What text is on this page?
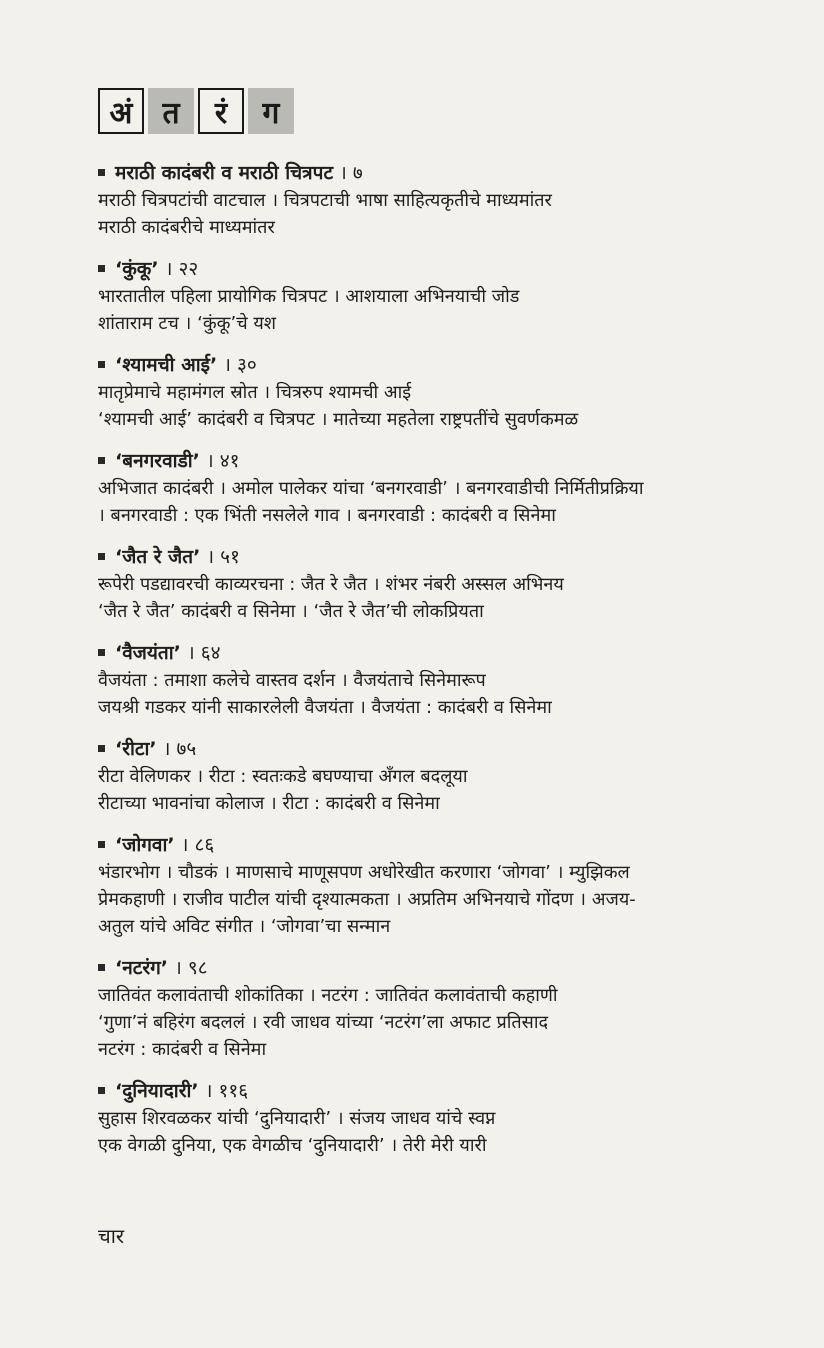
अं त	रं	ग
मराठी कादंबरी व मराठी चित्रपट । ७
मराठी चित्रपटांची वाटचाल । चित्रपटाची भाषा साहित्यकृतीचे माध्यमांतर
मराठी कादंबरीचे माध्यमांतर
‘कुंकू’ । २२
भारतातील पहिला प्रायोगिक चित्रपट । आशयाला अभिनयाची जोड
शांताराम टच । ‘कुंकू’चे यश
‘श्यामची आई’ । ३०
मातृप्रेमाचे महामंगल स्रोत । चित्ररुप श्यामची आई
‘श्यामची आई’ कादंबरी व चित्रपट । मातेच्या महतेला राष्ट्रपतींचे सुवर्णकमळ
‘बनगरवाडी’ । ४१
अभिजात कादंबरी । अमोल पालेकर यांचा ‘बनगरवाडी’ । बनगरवाडीची निर्मितीप्रक्रिया
। बनगरवाडी : एक भिंती नसलेले गाव । बनगरवाडी : कादंबरी व सिनेमा
‘जैत रे जैत’ । ५१
रूपेरी पडद्यावरची काव्यरचना : जैत रे जैत । शंभर नंबरी अस्सल अभिनय
‘जैत रे जैत’ कादंबरी व सिनेमा । ‘जैत रे जैत’ची लोकप्रियता
‘वैजयंता’ । ६४
वैजयंता : तमाशा कलेचे वास्तव दर्शन । वैजयंताचे सिनेमारूप
जयश्री गडकर यांनी साकारलेली वैजयंता । वैजयंता : कादंबरी व सिनेमा
‘रीटा’ । ७५
रीटा वेलिणकर । रीटा : स्वतःकडे बघण्याचा ॲंगल बदलूया
रीटाच्या भावनांचा कोलाज । रीटा : कादंबरी व सिनेमा
‘जोगवा’ । ८६
भंडारभोग । चौडकं । माणसाचे माणूसपण अधोरेखीत करणारा ‘जोगवा’ । म्युझिकल
प्रेमकहाणी । राजीव पाटील यांची दृश्यात्मकता । अप्रतिम अभिनयाचे गोंदण । अजय-
अतुल यांचे अविट संगीत । ‘जोगवा’चा सन्मान
‘नटरंग’ । ९८
जातिवंत कलावंताची शोकांतिका । नटरंग : जातिवंत कलावंताची कहाणी
‘गुणा’नं बहिरंग बदललं । रवी जाधव यांच्या ‘नटरंग’ला अफाट प्रतिसाद
नटरंग : कादंबरी व सिनेमा
‘दुनियादारी’ । ११६
सुहास शिरवळकर यांची ‘दुनियादारी’ । संजय जाधव यांचे स्वप्न
एक वेगळी दुनिया, एक वेगळीच ‘दुनियादारी’ । तेरी मेरी यारी
चार
